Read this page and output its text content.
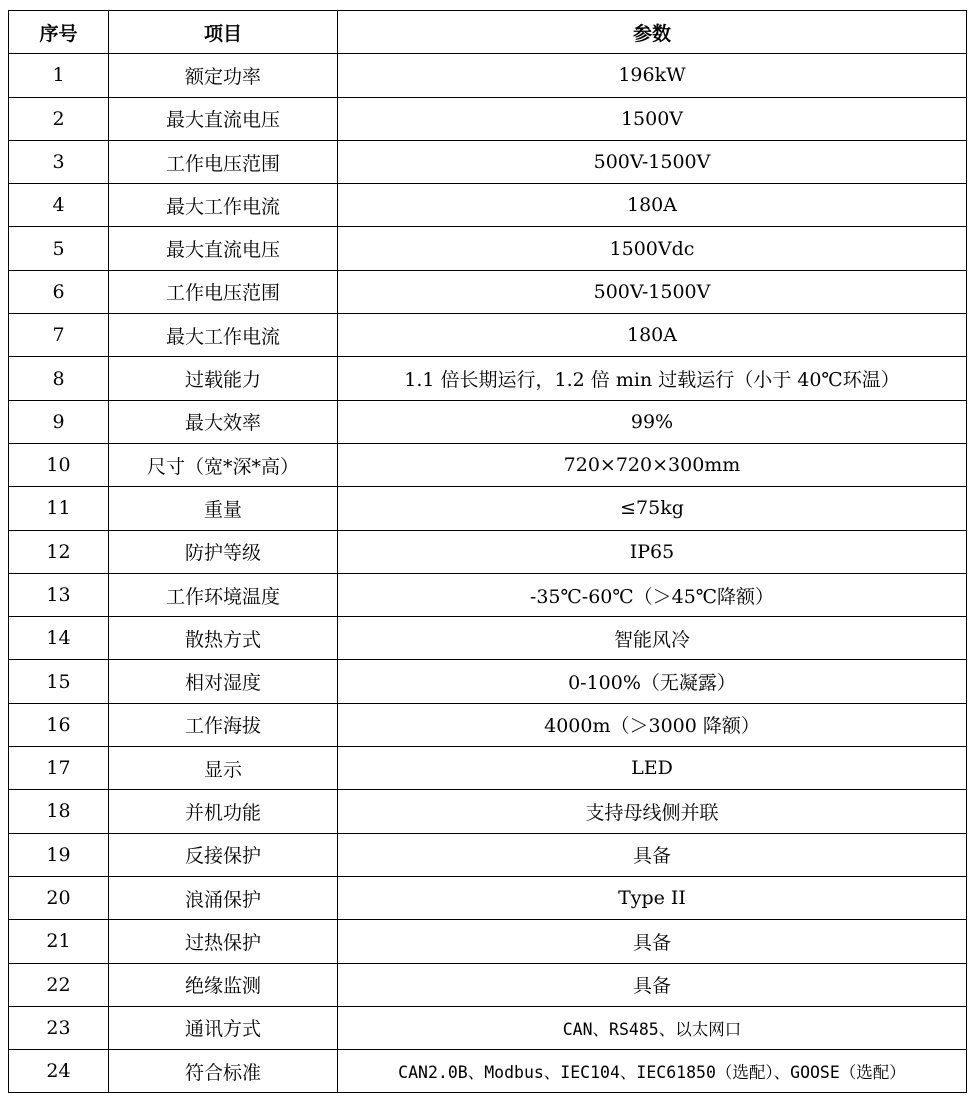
序号	项目	参数
1	额定功率	196kW
2	最大直流电压	1500V
3	工作电压范围	500V-1500V
4	最大工作电流	180A
5	最大直流电压	1500Vdc
6	工作电压范围	500V-1500V
7	最大工作电流	180A
8	过载能力	1.1 倍长期运行，1.2 倍 min 过载运行（小于 40℃环温）
9	最大效率	99%
10	尺寸（宽*深*高）	720×720×300mm
11	重量	≤75kg
12	防护等级	IP65
13	工作环境温度	-35℃-60℃（＞45℃降额）
14	散热方式	智能风冷
15	相对湿度	0-100%（无凝露）
16	工作海拔	4000m（＞3000 降额）
17	显示	LED
18	并机功能	支持母线侧并联
19	反接保护	具备
20	浪涌保护	Type II
21	过热保护	具备
22	绝缘监测	具备
23	通讯方式	CAN、RS485、以太网口
24	符合标准	CAN2.0B、Modbus、IEC104、IEC61850（选配）、GOOSE（选配）
